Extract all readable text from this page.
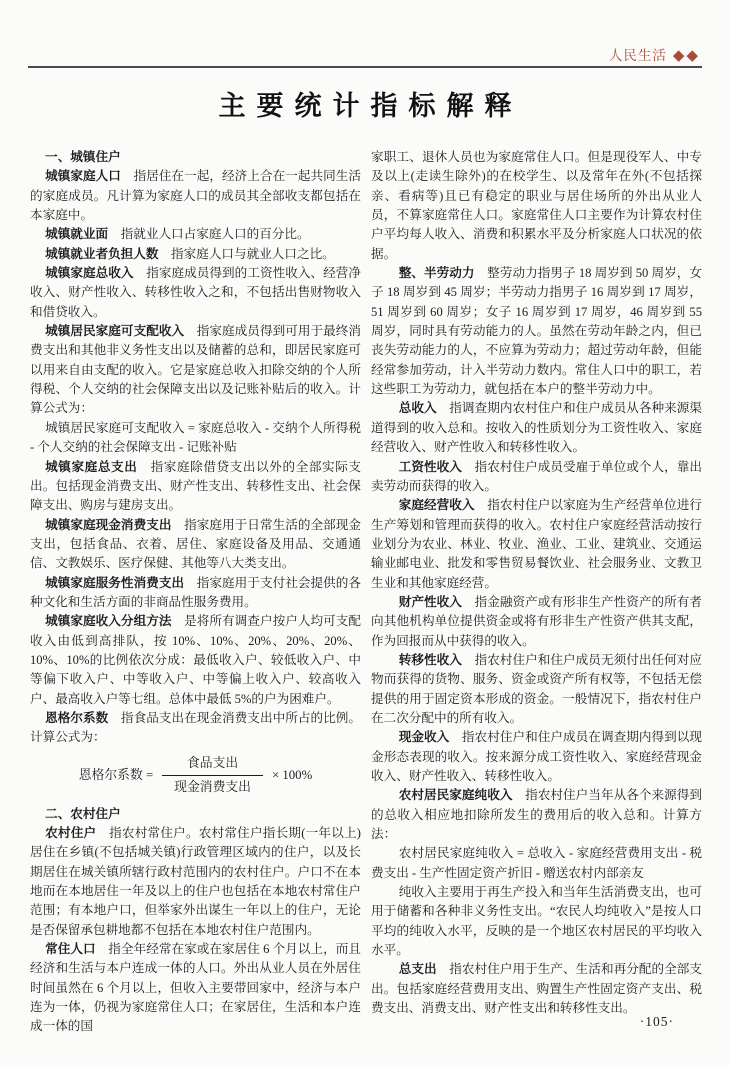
人民生活 ◆◆
主要统计指标解释

一、城镇住户

城镇家庭人口　指居住在一起，经济上合在一起共同生活的家庭成员。凡计算为家庭人口的成员其全部收支都包括在本家庭中。

城镇就业面　指就业人口占家庭人口的百分比。

城镇就业者负担人数　指家庭人口与就业人口之比。

城镇家庭总收入　指家庭成员得到的工资性收入、经营净收入、财产性收入、转移性收入之和，不包括出售财物收入和借贷收入。

城镇居民家庭可支配收入　指家庭成员得到可用于最终消费支出和其他非义务性支出以及储蓄的总和，即居民家庭可以用来自由支配的收入。它是家庭总收入扣除交纳的个人所得税、个人交纳的社会保障支出以及记账补贴后的收入。计算公式为：

城镇居民家庭可支配收入 = 家庭总收入 - 交纳个人所得税 - 个人交纳的社会保障支出 - 记账补贴

城镇家庭总支出　指家庭除借贷支出以外的全部实际支出。包括现金消费支出、财产性支出、转移性支出、社会保障支出、购房与建房支出。

城镇家庭现金消费支出　指家庭用于日常生活的全部现金支出，包括食品、衣着、居住、家庭设备及用品、交通通信、文教娱乐、医疗保健、其他等八大类支出。

城镇家庭服务性消费支出　指家庭用于支付社会提供的各种文化和生活方面的非商品性服务费用。

城镇家庭收入分组方法　是将所有调查户按户人均可支配收入由低到高排队，按 10%、10%、20%、20%、20%、10%、10%的比例依次分成：最低收入户、较低收入户、中等偏下收入户、中等收入户、中等偏上收入户、较高收入户、最高收入户等七组。总体中最低 5%的户为困难户。

恩格尔系数　指食品支出在现金消费支出中所占的比例。计算公式为：

恩格尔系数 = $\frac{\text{食品支出}}{\text{现金消费支出}} \times 100\%$

二、农村住户

农村住户　指农村常住户。农村常住户指长期(一年以上)居住在乡镇(不包括城关镇)行政管理区域内的住户，以及长期居住在城关镇所辖行政村范围内的农村住户。户口不在本地而在本地居住一年及以上的住户也包括在本地农村常住户范围；有本地户口，但举家外出谋生一年以上的住户，无论是否保留承包耕地都不包括在本地农村住户范围内。

常住人口　指全年经常在家或在家居住 6 个月以上，而且经济和生活与本户连成一体的人口。外出从业人员在外居住时间虽然在 6 个月以上，但收入主要带回家中，经济与本户连为一体，仍视为家庭常住人口；在家居住，生活和本户连成一体的国

家职工、退休人员也为家庭常住人口。但是现役军人、中专及以上(走读生除外)的在校学生、以及常年在外(不包括探亲、看病等)且已有稳定的职业与居住场所的外出从业人员，不算家庭常住人口。家庭常住人口主要作为计算农村住户平均每人收入、消费和积累水平及分析家庭人口状况的依据。

整、半劳动力　整劳动力指男子 18 周岁到 50 周岁，女子 18 周岁到 45 周岁；半劳动力指男子 16 周岁到 17 周岁，51 周岁到 60 周岁；女子 16 周岁到 17 周岁，46 周岁到 55 周岁，同时具有劳动能力的人。虽然在劳动年龄之内，但已丧失劳动能力的人，不应算为劳动力；超过劳动年龄，但能经常参加劳动，计入半劳动力数内。常住人口中的职工，若这些职工为劳动力，就包括在本户的整半劳动力中。

总收入　指调查期内农村住户和住户成员从各种来源渠道得到的收入总和。按收入的性质划分为工资性收入、家庭经营收入、财产性收入和转移性收入。

工资性收入　指农村住户成员受雇于单位或个人，靠出卖劳动而获得的收入。

家庭经营收入　指农村住户以家庭为生产经营单位进行生产筹划和管理而获得的收入。农村住户家庭经营活动按行业划分为农业、林业、牧业、渔业、工业、建筑业、交通运输业邮电业、批发和零售贸易餐饮业、社会服务业、文教卫生业和其他家庭经营。

财产性收入　指金融资产或有形非生产性资产的所有者向其他机构单位提供资金或将有形非生产性资产供其支配，作为回报而从中获得的收入。

转移性收入　指农村住户和住户成员无须付出任何对应物而获得的货物、服务、资金或资产所有权等，不包括无偿提供的用于固定资本形成的资金。一般情况下，指农村住户在二次分配中的所有收入。

现金收入　指农村住户和住户成员在调查期内得到以现金形态表现的收入。按来源分成工资性收入、家庭经营现金收入、财产性收入、转移性收入。

农村居民家庭纯收入　指农村住户当年从各个来源得到的总收入相应地扣除所发生的费用后的收入总和。计算方法：

农村居民家庭纯收入 = 总收入 - 家庭经营费用支出 - 税费支出 - 生产性固定资产折旧 - 赠送农村内部亲友

纯收入主要用于再生产投入和当年生活消费支出，也可用于储蓄和各种非义务性支出。“农民人均纯收入”是按人口平均的纯收入水平，反映的是一个地区农村居民的平均收入水平。

总支出　指农村住户用于生产、生活和再分配的全部支出。包括家庭经营费用支出、购置生产性固定资产支出、税费支出、消费支出、财产性支出和转移性支出。

·105·
